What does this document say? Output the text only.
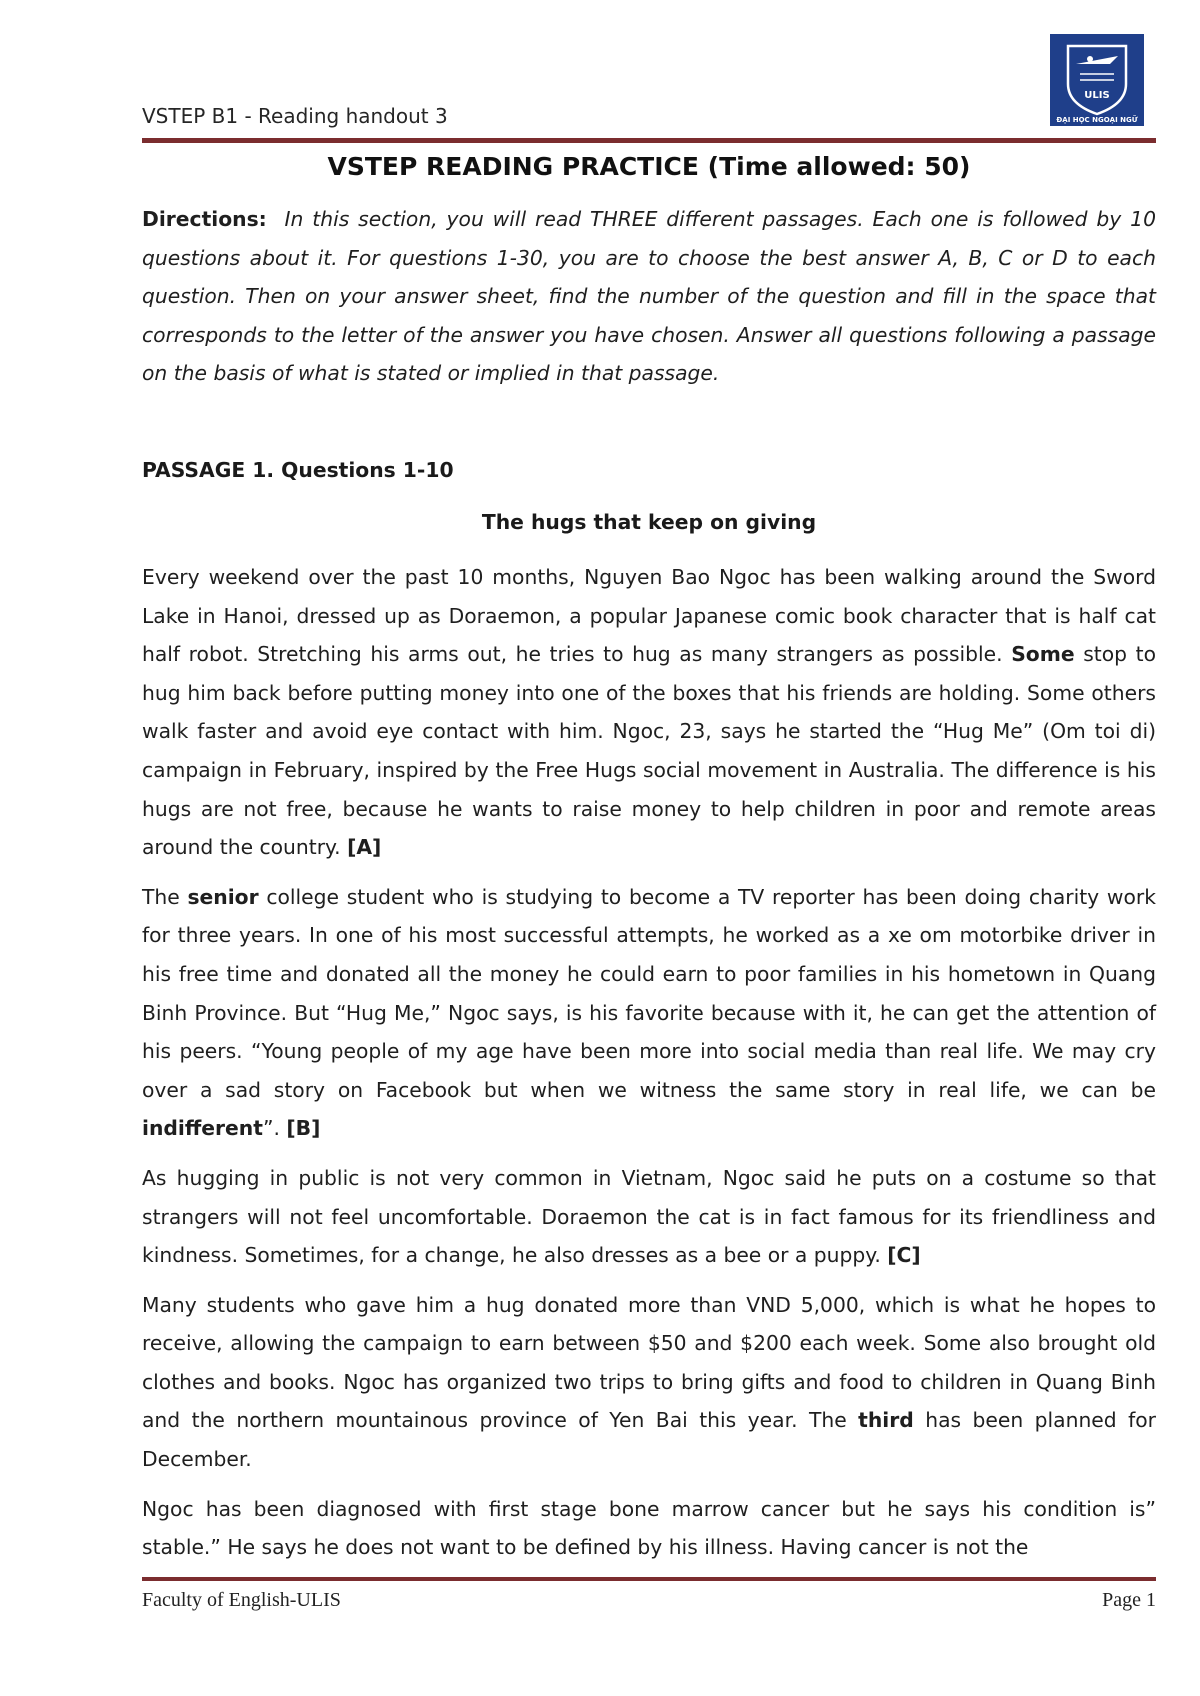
VSTEP B1 - Reading handout 3
ULIS
ĐẠI HỌC NGOẠI NGỮ
VSTEP READING PRACTICE (Time allowed: 50)
Directions: In this section, you will read THREE different passages. Each one is followed by 10 questions about it. For questions 1-30, you are to choose the best answer A, B, C or D to each question. Then on your answer sheet, find the number of the question and fill in the space that corresponds to the letter of the answer you have chosen. Answer all questions following a passage on the basis of what is stated or implied in that passage.
PASSAGE 1. Questions 1-10
The hugs that keep on giving

Every weekend over the past 10 months, Nguyen Bao Ngoc has been walking around the Sword Lake in Hanoi, dressed up as Doraemon, a popular Japanese comic book character that is half cat half robot. Stretching his arms out, he tries to hug as many strangers as possible. Some stop to hug him back before putting money into one of the boxes that his friends are holding. Some others walk faster and avoid eye contact with him. Ngoc, 23, says he started the “Hug Me” (Om toi di) campaign in February, inspired by the Free Hugs social movement in Australia. The difference is his hugs are not free, because he wants to raise money to help children in poor and remote areas around the country. [A]

The senior college student who is studying to become a TV reporter has been doing charity work for three years. In one of his most successful attempts, he worked as a xe om motorbike driver in his free time and donated all the money he could earn to poor families in his hometown in Quang Binh Province. But “Hug Me,” Ngoc says, is his favorite because with it, he can get the attention of his peers. “Young people of my age have been more into social media than real life. We may cry over a sad story on Facebook but when we witness the same story in real life, we can be indifferent”. [B]

As hugging in public is not very common in Vietnam, Ngoc said he puts on a costume so that strangers will not feel uncomfortable. Doraemon the cat is in fact famous for its friendliness and kindness. Sometimes, for a change, he also dresses as a bee or a puppy. [C]

Many students who gave him a hug donated more than VND 5,000, which is what he hopes to receive, allowing the campaign to earn between $50 and $200 each week. Some also brought old clothes and books. Ngoc has organized two trips to bring gifts and food to children in Quang Binh and the northern mountainous province of Yen Bai this year. The third has been planned for December.

Ngoc has been diagnosed with first stage bone marrow cancer but he says his condition is” stable.” He says he does not want to be defined by his illness. Having cancer is not the

Faculty of English-ULIS	Page 1
